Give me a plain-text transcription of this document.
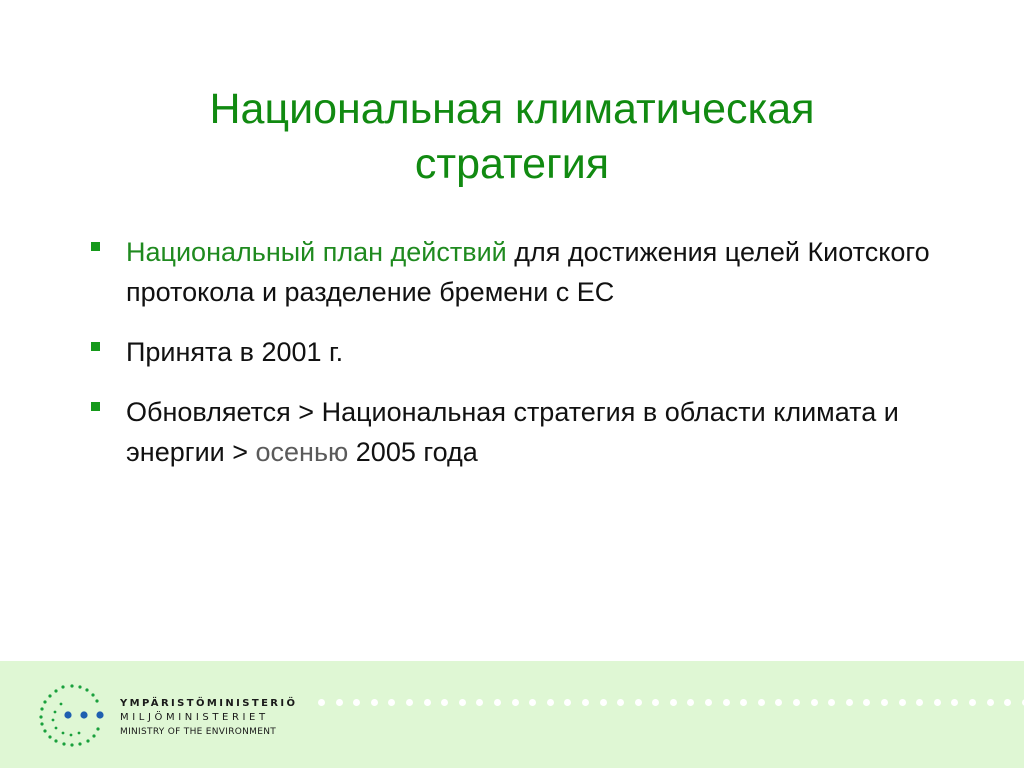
Национальная климатическая
стратегия
Национальный план действий для достижения целей Киотского протокола и разделение бремени с ЕС
Принята в 2001 г.
Обновляется > Национальная стратегия в области климата и энергии > осенью 2005 года
YMPÄRISTÖMINISTERIÖ
MILJÖMINISTERIET
MINISTRY OF THE ENVIRONMENT
